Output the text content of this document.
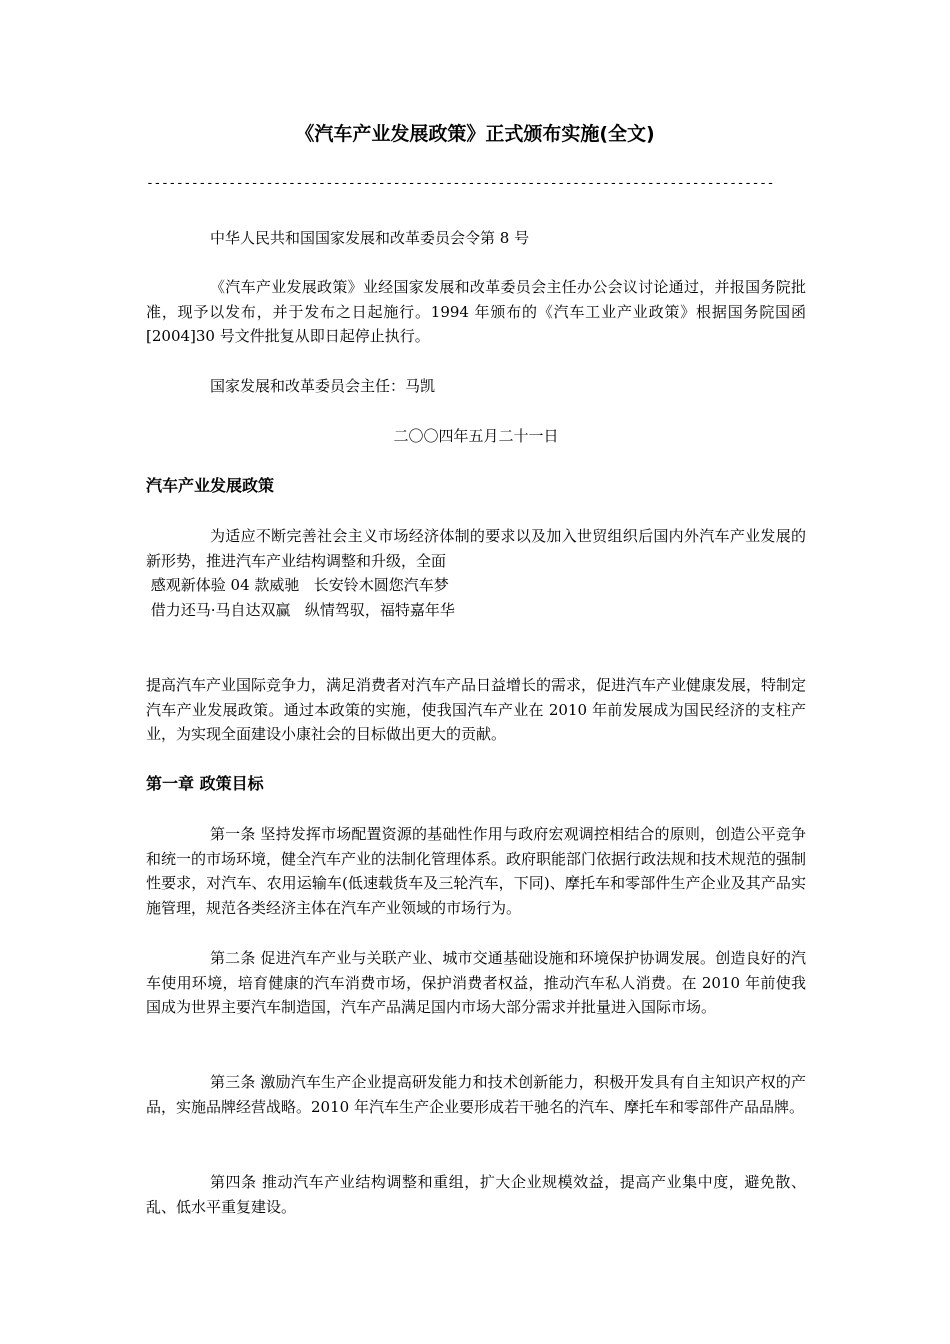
《汽车产业发展政策》正式颁布实施(全文)
------------------------------------------------------------------------------------

中华人民共和国国家发展和改革委员会令第 8 号

《汽车产业发展政策》业经国家发展和改革委员会主任办公会议讨论通过，并报国务院批准，现予以发布，并于发布之日起施行。1994 年颁布的《汽车工业产业政策》根据国务院国函[2004]30 号文件批复从即日起停止执行。

国家发展和改革委员会主任：马凯

二〇〇四年五月二十一日

汽车产业发展政策

为适应不断完善社会主义市场经济体制的要求以及加入世贸组织后国内外汽车产业发展的新形势，推进汽车产业结构调整和升级，全面

感观新体验 04 款威驰   长安铃木圆您汽车梦
借力还马·马自达双赢   纵情驾驭，福特嘉年华

提高汽车产业国际竞争力，满足消费者对汽车产品日益增长的需求，促进汽车产业健康发展，特制定汽车产业发展政策。通过本政策的实施，使我国汽车产业在 2010 年前发展成为国民经济的支柱产业，为实现全面建设小康社会的目标做出更大的贡献。

第一章 政策目标

第一条 坚持发挥市场配置资源的基础性作用与政府宏观调控相结合的原则，创造公平竞争和统一的市场环境，健全汽车产业的法制化管理体系。政府职能部门依据行政法规和技术规范的强制性要求，对汽车、农用运输车(低速载货车及三轮汽车，下同)、摩托车和零部件生产企业及其产品实施管理，规范各类经济主体在汽车产业领域的市场行为。

第二条 促进汽车产业与关联产业、城市交通基础设施和环境保护协调发展。创造良好的汽车使用环境，培育健康的汽车消费市场，保护消费者权益，推动汽车私人消费。在 2010 年前使我国成为世界主要汽车制造国，汽车产品满足国内市场大部分需求并批量进入国际市场。

第三条 激励汽车生产企业提高研发能力和技术创新能力，积极开发具有自主知识产权的产品，实施品牌经营战略。2010 年汽车生产企业要形成若干驰名的汽车、摩托车和零部件产品品牌。

第四条 推动汽车产业结构调整和重组，扩大企业规模效益，提高产业集中度，避免散、乱、低水平重复建设。
